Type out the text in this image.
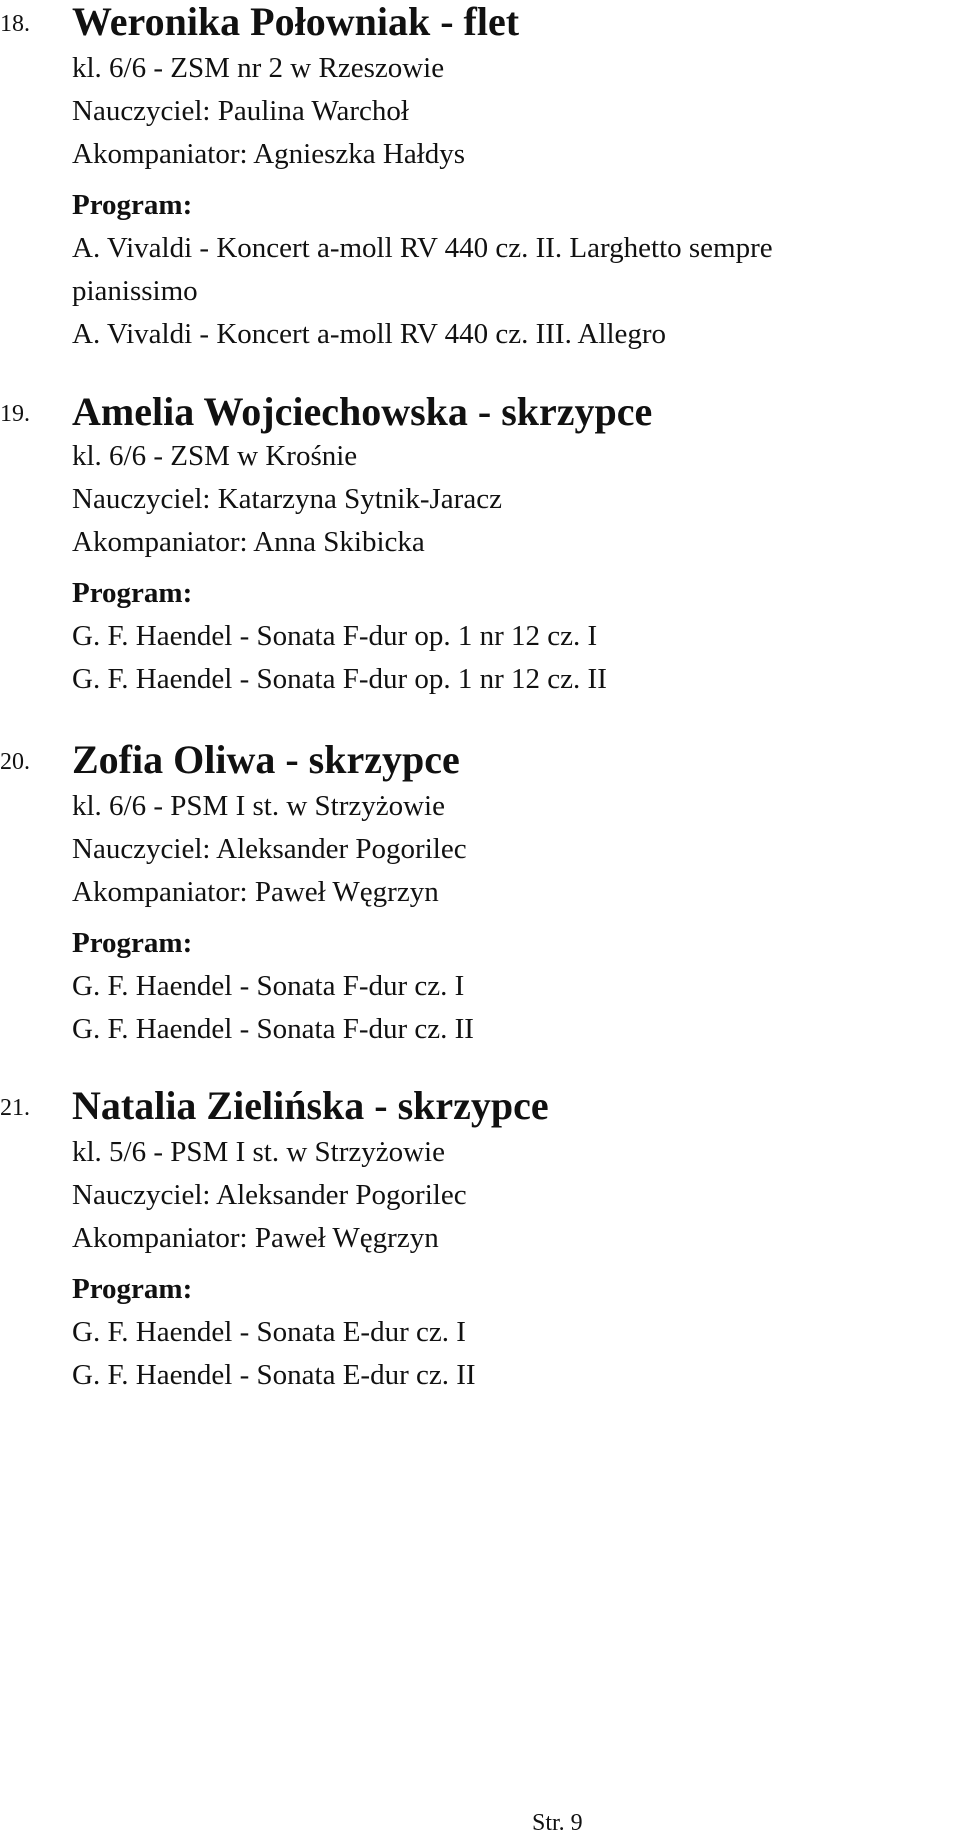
18. Weronika Połowniak - flet
kl. 6/6 - ZSM nr 2 w Rzeszowie
Nauczyciel: Paulina Warchoł
Akompaniator: Agnieszka Hałdys
Program:
A. Vivaldi - Koncert a-moll RV 440 cz. II. Larghetto sempre
pianissimo
A. Vivaldi - Koncert a-moll RV 440 cz. III. Allegro
19. Amelia Wojciechowska - skrzypce
kl. 6/6 - ZSM w Krośnie
Nauczyciel: Katarzyna Sytnik-Jaracz
Akompaniator: Anna Skibicka
Program:
G. F. Haendel - Sonata F-dur op. 1 nr 12 cz. I
G. F. Haendel - Sonata F-dur op. 1 nr 12 cz. II
20. Zofia Oliwa - skrzypce
kl. 6/6 - PSM I st. w Strzyżowie
Nauczyciel: Aleksander Pogorilec
Akompaniator: Paweł Węgrzyn
Program:
G. F. Haendel - Sonata F-dur cz. I
G. F. Haendel - Sonata F-dur cz. II
21. Natalia Zielińska - skrzypce
kl. 5/6 - PSM I st. w Strzyżowie
Nauczyciel: Aleksander Pogorilec
Akompaniator: Paweł Węgrzyn
Program:
G. F. Haendel - Sonata E-dur cz. I
G. F. Haendel - Sonata E-dur cz. II
Str. 9
